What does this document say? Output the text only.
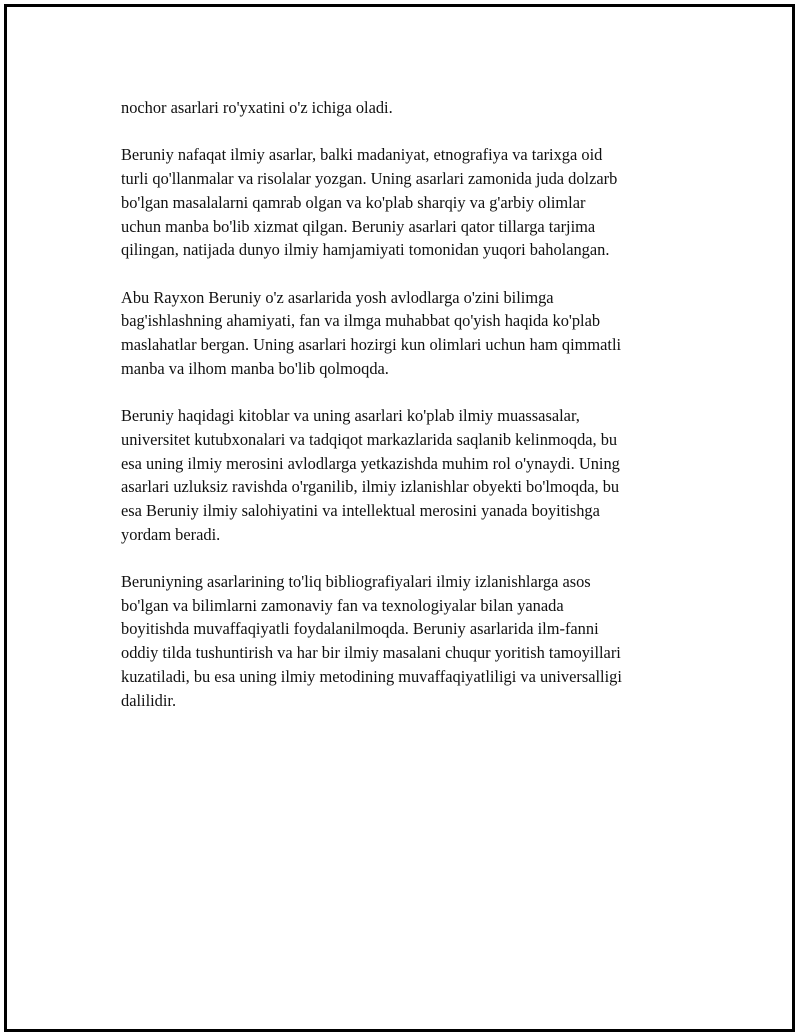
nochor asarlari ro'yxatini o'z ichiga oladi.

Beruniy nafaqat ilmiy asarlar, balki madaniyat, etnografiya va tarixga oid
turli qo'llanmalar va risolalar yozgan. Uning asarlari zamonida juda dolzarb
bo'lgan masalalarni qamrab olgan va ko'plab sharqiy va g'arbiy olimlar
uchun manba bo'lib xizmat qilgan. Beruniy asarlari qator tillarga tarjima
qilingan, natijada dunyo ilmiy hamjamiyati tomonidan yuqori baholangan.

Abu Rayxon Beruniy o'z asarlarida yosh avlodlarga o'zini bilimga
bag'ishlashning ahamiyati, fan va ilmga muhabbat qo'yish haqida ko'plab
maslahatlar bergan. Uning asarlari hozirgi kun olimlari uchun ham qimmatli
manba va ilhom manba bo'lib qolmoqda.

Beruniy haqidagi kitoblar va uning asarlari ko'plab ilmiy muassasalar,
universitet kutubxonalari va tadqiqot markazlarida saqlanib kelinmoqda, bu
esa uning ilmiy merosini avlodlarga yetkazishda muhim rol o'ynaydi. Uning
asarlari uzluksiz ravishda o'rganilib, ilmiy izlanishlar obyekti bo'lmoqda, bu
esa Beruniy ilmiy salohiyatini va intellektual merosini yanada boyitishga
yordam beradi.

Beruniyning asarlarining to'liq bibliografiyalari ilmiy izlanishlarga asos
bo'lgan va bilimlarni zamonaviy fan va texnologiyalar bilan yanada
boyitishda muvaffaqiyatli foydalanilmoqda. Beruniy asarlarida ilm-fanni
oddiy tilda tushuntirish va har bir ilmiy masalani chuqur yoritish tamoyillari
kuzatiladi, bu esa uning ilmiy metodining muvaffaqiyatliligi va universalligi
dalilidir.
